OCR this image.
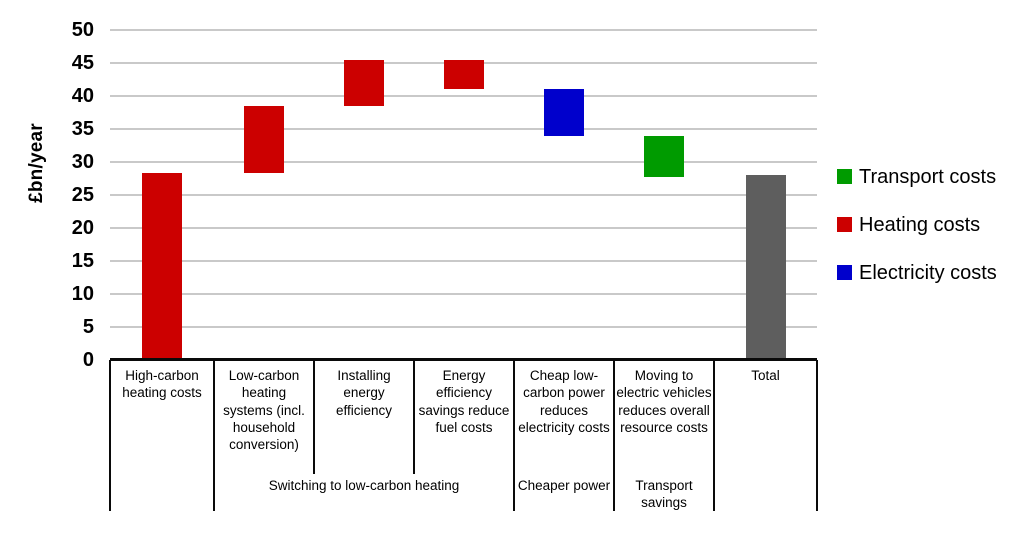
£bn/year
0
5
10
15
20
25
30
35
40
45
50
High-carbon heating costs
Low-carbon heating systems (incl. household conversion)
Installing energy efficiency
Energy efficiency savings reduce fuel costs
Cheap low-carbon power reduces electricity costs
Moving to electric vehicles reduces overall resource costs
Total
Switching to low-carbon heating	Cheaper power	Transport savings
Transport costs
Heating costs
Electricity costs
